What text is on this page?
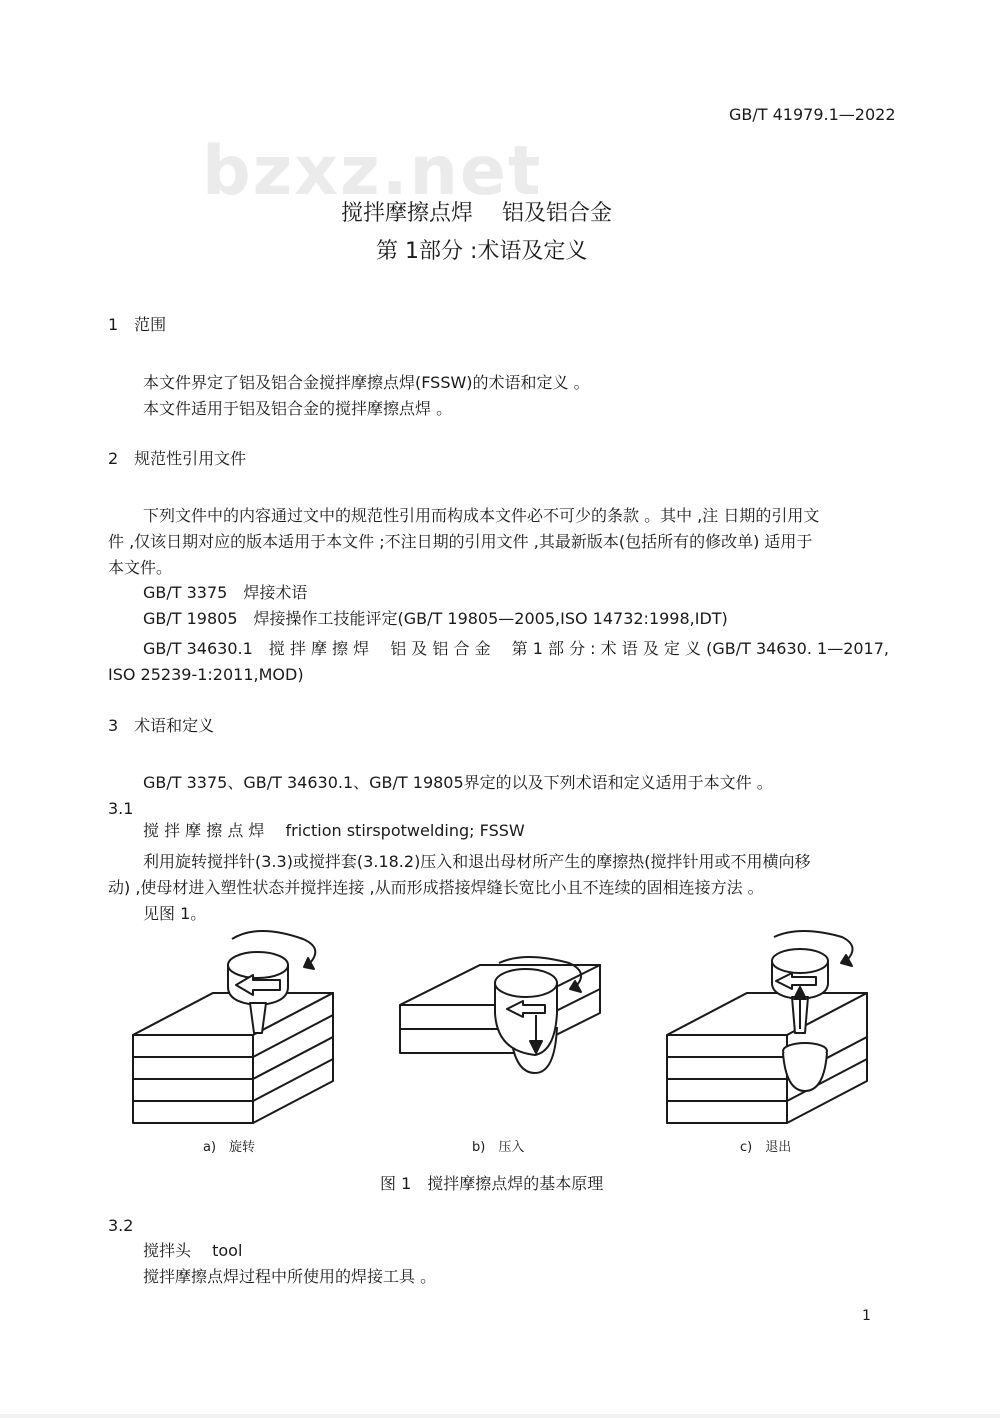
bzxz.net
GB/T 41979.1—2022
搅拌摩擦点焊　 铝及铝合金
第 1部分 :术语及定义
1　范围
本文件界定了铝及铝合金搅拌摩擦点焊(FSSW)的术语和定义 。
本文件适用于铝及铝合金的搅拌摩擦点焊 。
2　规范性引用文件
下列文件中的内容通过文中的规范性引用而构成本文件必不可少的条款 。其中 ,注 日期的引用文
件 ,仅该日期对应的版本适用于本文件 ;不注日期的引用文件 ,其最新版本(包括所有的修改单) 适用于
本文件。
GB/T 3375　焊接术语
GB/T 19805　焊接操作工技能评定(GB/T 19805—2005,ISO 14732:1998,IDT)
GB/T 34630.1　搅 拌 摩 擦 焊　 铝 及 铝 合 金　 第 1 部 分 : 术 语 及 定 义 (GB/T 34630. 1—2017,
ISO 25239-1:2011,MOD)
3　术语和定义
GB/T 3375、GB/T 34630.1、GB/T 19805界定的以及下列术语和定义适用于本文件 。
3.1
搅 拌 摩 擦 点 焊　 friction stirspotwelding; FSSW
利用旋转搅拌针(3.3)或搅拌套(3.18.2)压入和退出母材所产生的摩擦热(搅拌针用或不用横向移
动) ,使母材进入塑性状态并搅拌连接 ,从而形成搭接焊缝长宽比小且不连续的固相连接方法 。
见图 1。
a)　旋转	b)　压入	c)　退出
图 1　搅拌摩擦点焊的基本原理
3.2
搅拌头　 tool
搅拌摩擦点焊过程中所使用的焊接工具 。
1
